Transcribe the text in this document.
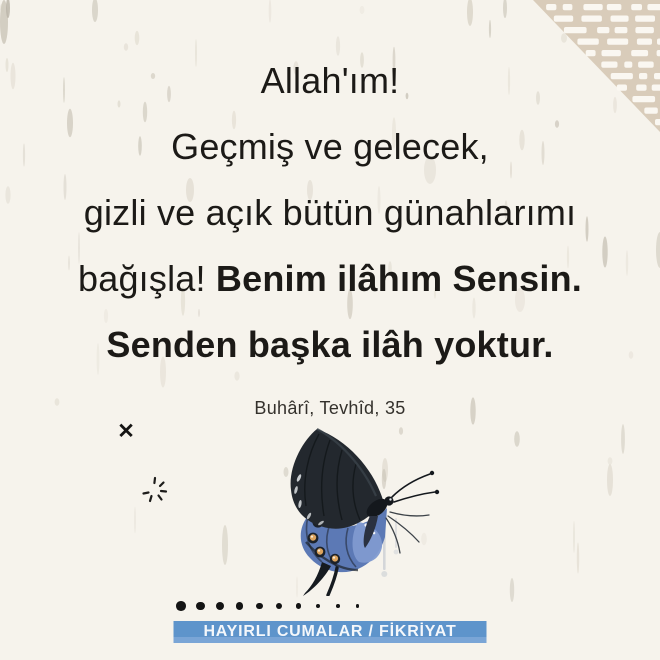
Allah'ım!

Geçmiş ve gelecek,

gizli ve açık bütün günahlarımı

bağışla! Benim ilâhım Sensin.

Senden başka ilâh yoktur.

Buhârî, Tevhîd, 35
✕
HAYIRLI CUMALAR / FİKRİYAT
